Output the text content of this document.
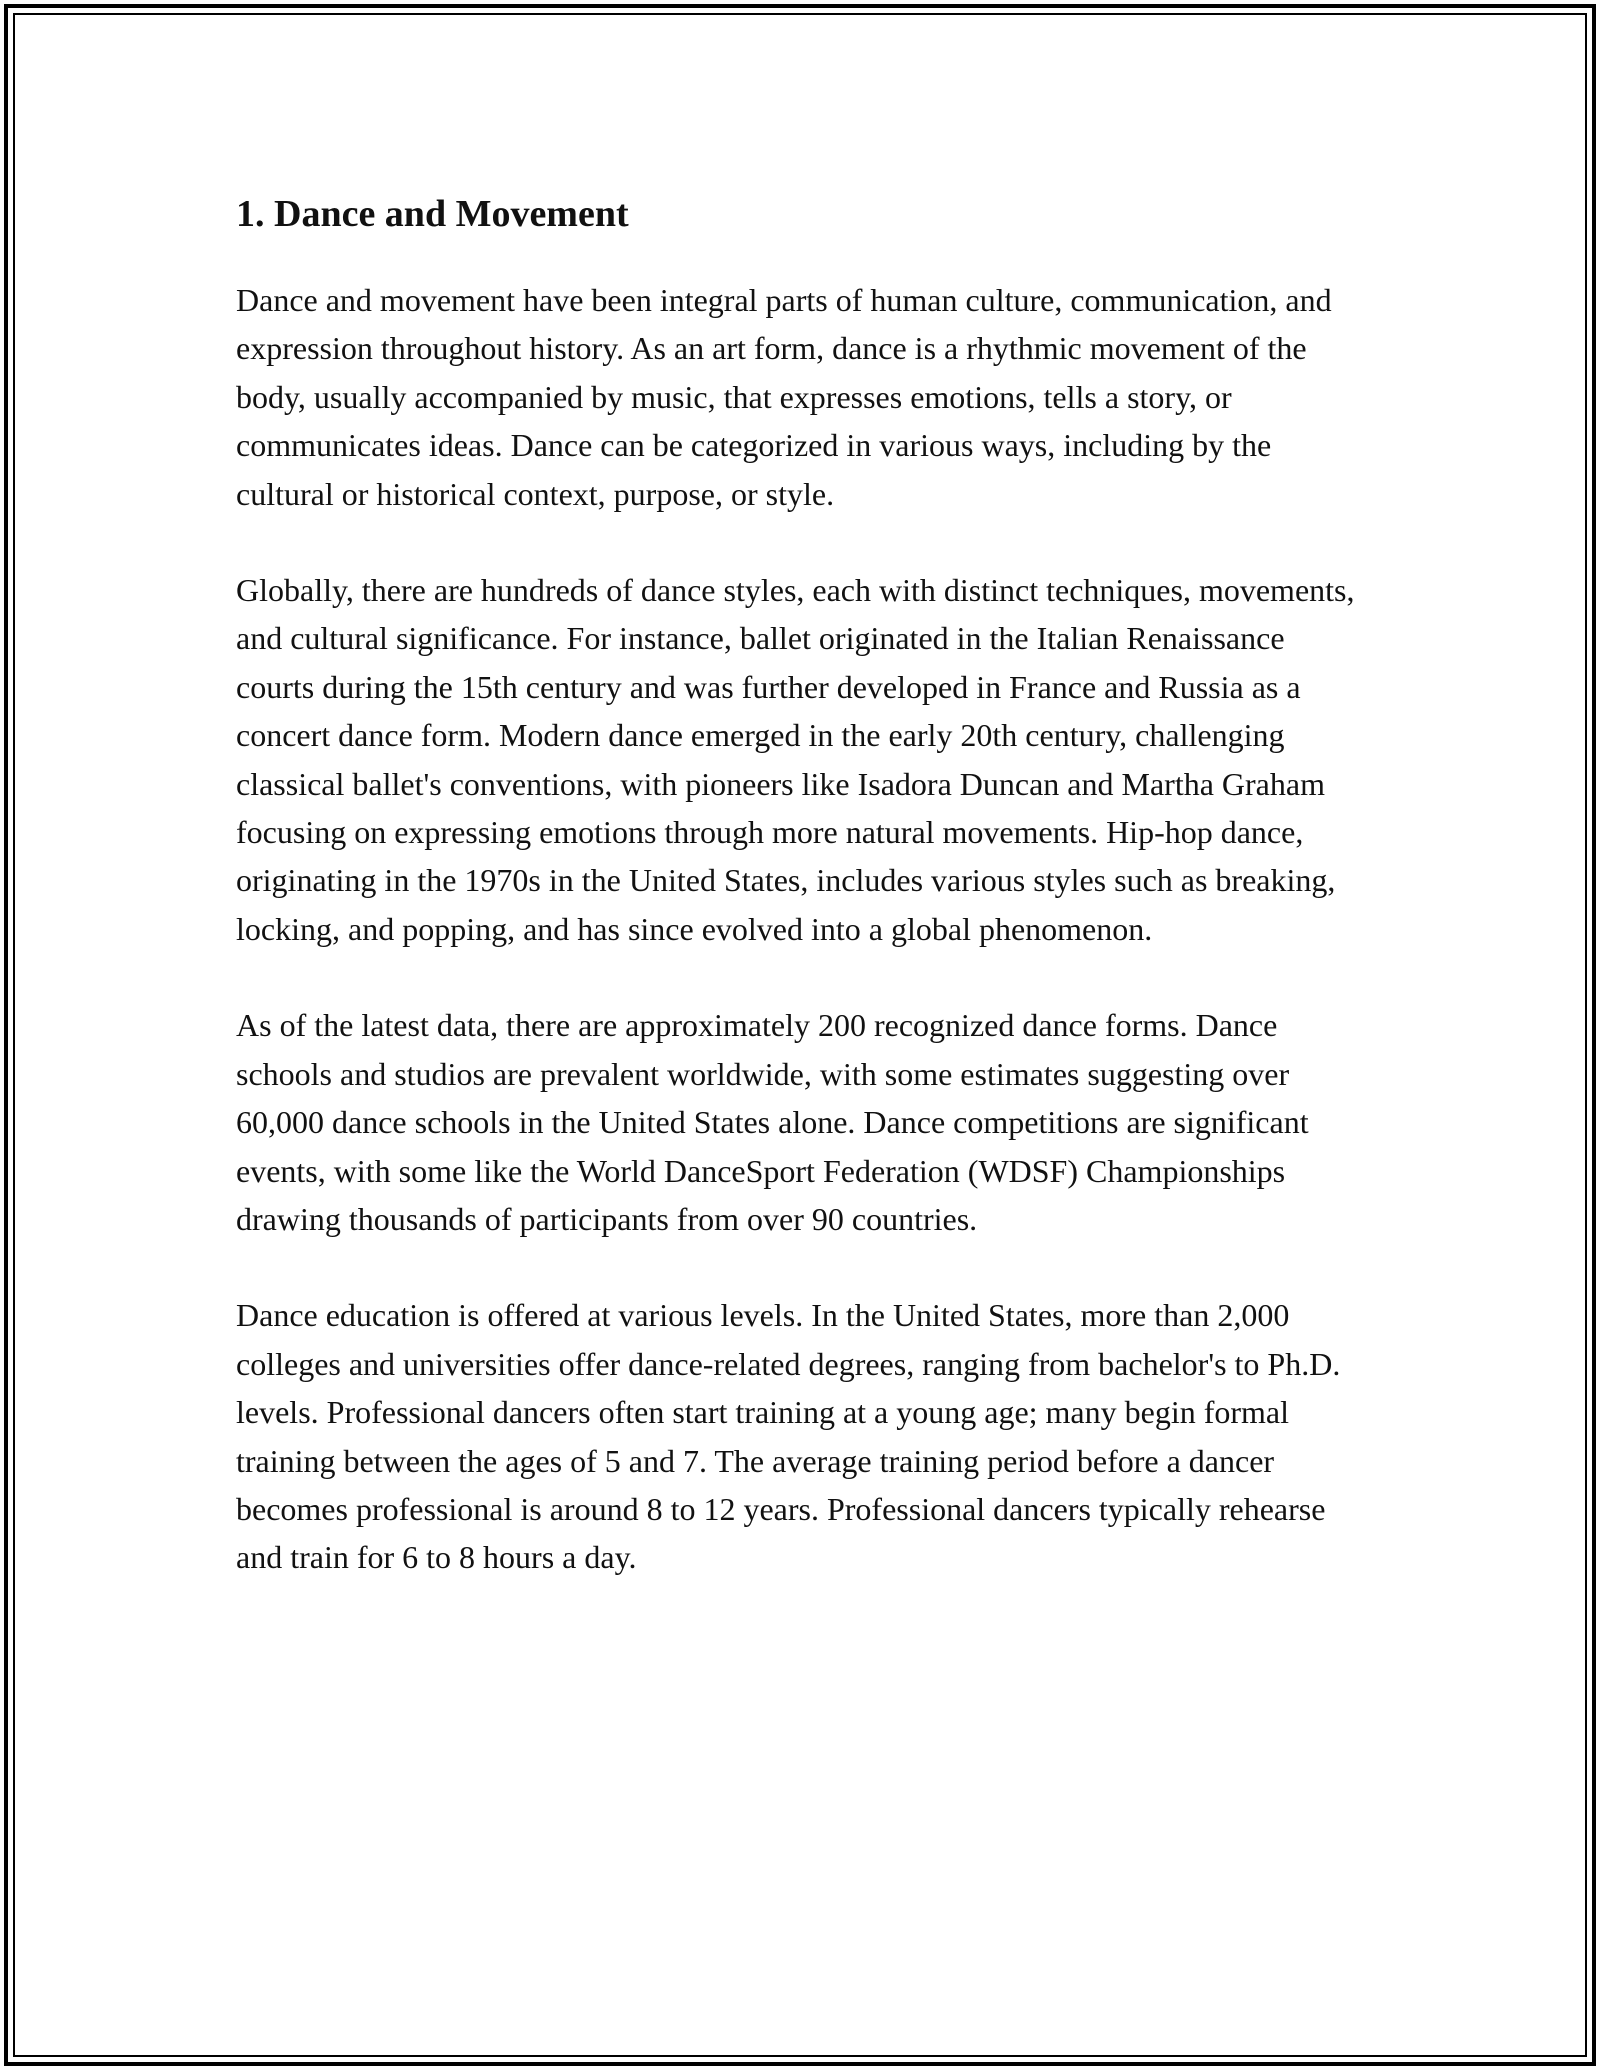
1. Dance and Movement

Dance and movement have been integral parts of human culture, communication, and expression throughout history. As an art form, dance is a rhythmic movement of the body, usually accompanied by music, that expresses emotions, tells a story, or communicates ideas. Dance can be categorized in various ways, including by the cultural or historical context, purpose, or style.

Globally, there are hundreds of dance styles, each with distinct techniques, movements, and cultural significance. For instance, ballet originated in the Italian Renaissance courts during the 15th century and was further developed in France and Russia as a concert dance form. Modern dance emerged in the early 20th century, challenging classical ballet's conventions, with pioneers like Isadora Duncan and Martha Graham focusing on expressing emotions through more natural movements. Hip-hop dance, originating in the 1970s in the United States, includes various styles such as breaking, locking, and popping, and has since evolved into a global phenomenon.

As of the latest data, there are approximately 200 recognized dance forms. Dance schools and studios are prevalent worldwide, with some estimates suggesting over 60,000 dance schools in the United States alone. Dance competitions are significant events, with some like the World DanceSport Federation (WDSF) Championships drawing thousands of participants from over 90 countries.

Dance education is offered at various levels. In the United States, more than 2,000 colleges and universities offer dance-related degrees, ranging from bachelor's to Ph.D. levels. Professional dancers often start training at a young age; many begin formal training between the ages of 5 and 7. The average training period before a dancer becomes professional is around 8 to 12 years. Professional dancers typically rehearse and train for 6 to 8 hours a day.
